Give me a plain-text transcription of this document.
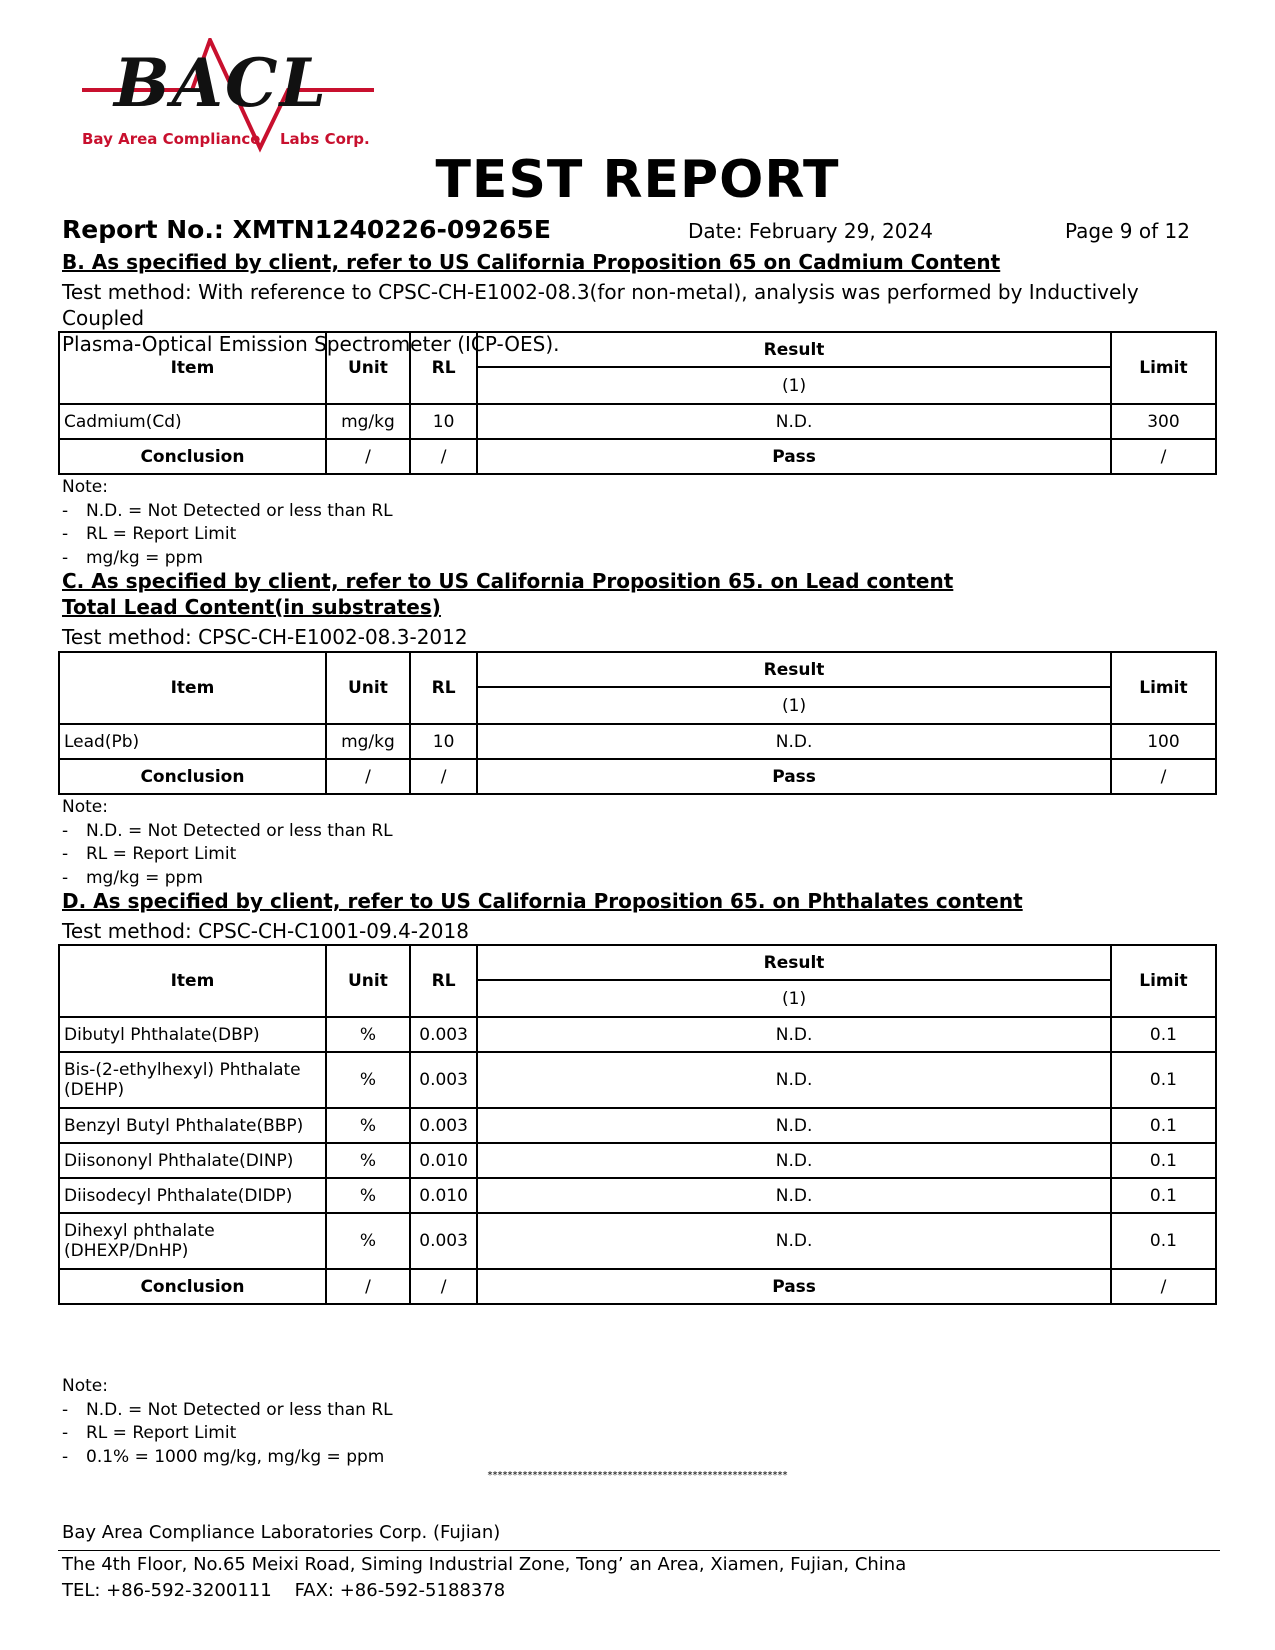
BACL
Bay Area Compliance Labs Corp.
TEST REPORT
Report No.: XMTN1240226-09265E	Date: February 29, 2024	Page 9 of 12
B. As specified by client, refer to US California Proposition 65 on Cadmium Content
Test method: With reference to CPSC-CH-E1002-08.3(for non-metal), analysis was performed by Inductively Coupled
Plasma-Optical Emission Spectrometer (ICP-OES).
Item	Unit	RL	Result	Limit
			(1)	
Cadmium(Cd)	mg/kg	10	N.D.	300
Conclusion	/	/	Pass	/
Note:
- N.D. = Not Detected or less than RL
- RL = Report Limit
- mg/kg = ppm
C. As specified by client, refer to US California Proposition 65. on Lead content
Total Lead Content(in substrates)
Test method: CPSC-CH-E1002-08.3-2012
Item	Unit	RL	Result	Limit
			(1)	
Lead(Pb)	mg/kg	10	N.D.	100
Conclusion	/	/	Pass	/
Note:
- N.D. = Not Detected or less than RL
- RL = Report Limit
- mg/kg = ppm
D. As specified by client, refer to US California Proposition 65. on Phthalates content
Test method: CPSC-CH-C1001-09.4-2018
Item	Unit	RL	Result	Limit
			(1)	
Dibutyl Phthalate(DBP)	%	0.003	N.D.	0.1

Bis-(2-ethylhexyl) Phthalate
(DEHP)	%	0.003	N.D.	0.1
Benzyl Butyl Phthalate(BBP)	%	0.003	N.D.	0.1
Diisononyl Phthalate(DINP)	%	0.010	N.D.	0.1
Diisodecyl Phthalate(DIDP)	%	0.010	N.D.	0.1

Dihexyl phthalate
(DHEXP/DnHP)	%	0.003	N.D.	0.1
Conclusion	/	/	Pass	/
Note:
- N.D. = Not Detected or less than RL
- RL = Report Limit
- 0.1% = 1000 mg/kg, mg/kg = ppm
************************************************************
Bay Area Compliance Laboratories Corp. (Fujian)
The 4th Floor, No.65 Meixi Road, Siming Industrial Zone, Tong’ an Area, Xiamen, Fujian, China
TEL: +86-592-3200111 FAX: +86-592-5188378
